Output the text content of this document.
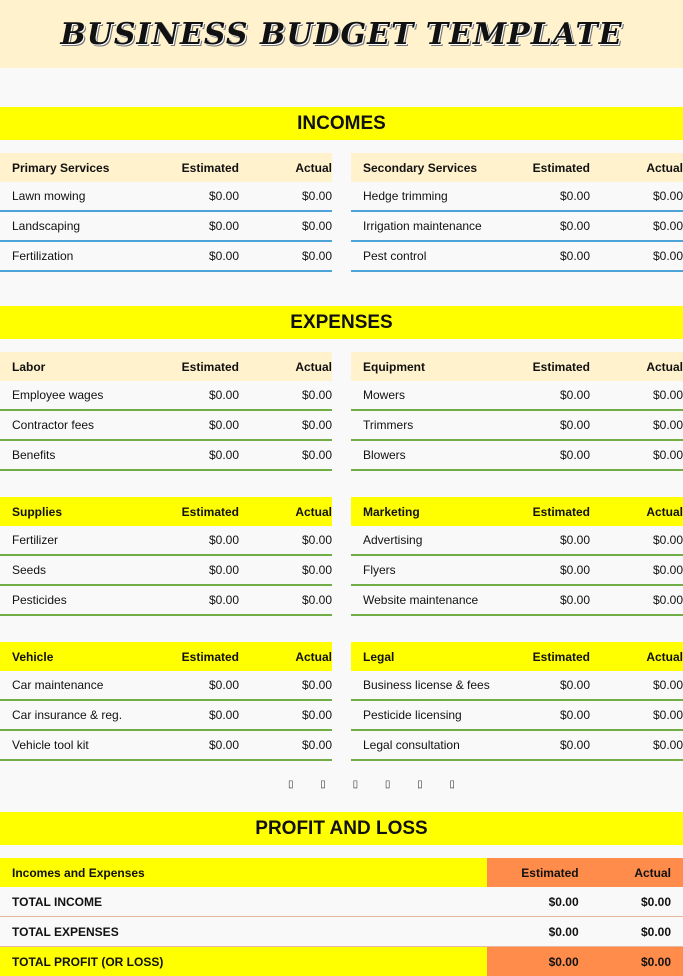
BUSINESS BUDGET TEMPLATE
INCOMES
Primary Services	Estimated	Actual
Lawn mowing	$0.00	$0.00
Landscaping	$0.00	$0.00
Fertilization	$0.00	$0.00
Secondary Services	Estimated	Actual
Hedge trimming	$0.00	$0.00
Irrigation maintenance	$0.00	$0.00
Pest control	$0.00	$0.00
EXPENSES
Labor	Estimated	Actual
Employee wages	$0.00	$0.00
Contractor fees	$0.00	$0.00
Benefits	$0.00	$0.00
Equipment	Estimated	Actual
Mowers	$0.00	$0.00
Trimmers	$0.00	$0.00
Blowers	$0.00	$0.00
Supplies	Estimated	Actual
Fertilizer	$0.00	$0.00
Seeds	$0.00	$0.00
Pesticides	$0.00	$0.00
Marketing	Estimated	Actual
Advertising	$0.00	$0.00
Flyers	$0.00	$0.00
Website maintenance	$0.00	$0.00
Vehicle	Estimated	Actual
Car maintenance	$0.00	$0.00
Car insurance & reg.	$0.00	$0.00
Vehicle tool kit	$0.00	$0.00
Legal	Estimated	Actual
Business license & fees	$0.00	$0.00
Pesticide licensing	$0.00	$0.00
Legal consultation	$0.00	$0.00
▯ ▯ ▯ ▯ ▯ ▯
PROFIT AND LOSS
Incomes and Expenses	Estimated	Actual
TOTAL INCOME	$0.00	$0.00
TOTAL EXPENSES	$0.00	$0.00
TOTAL PROFIT (OR LOSS)	$0.00	$0.00
